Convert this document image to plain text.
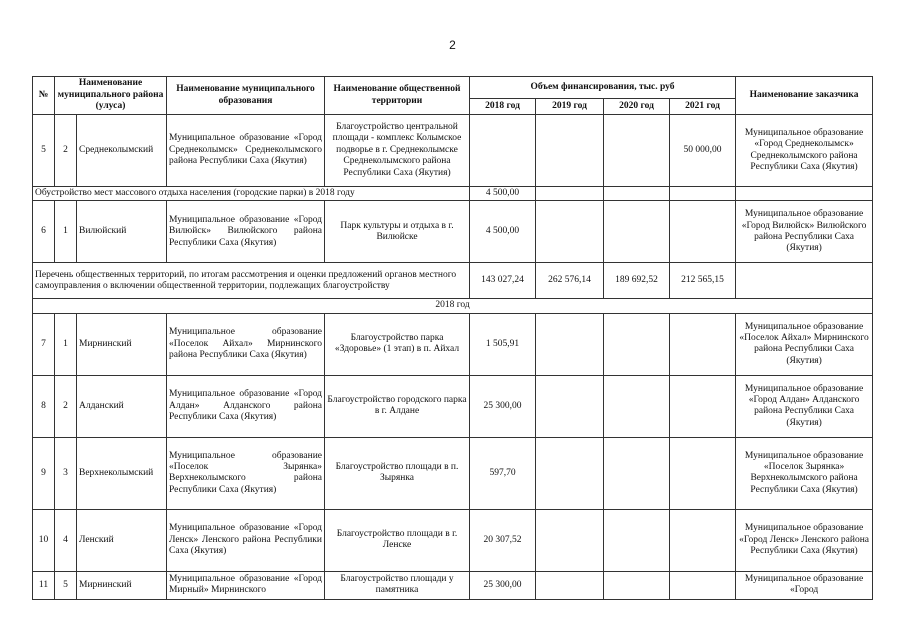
2
№	Наименование муниципального района (улуса)		Наименование муниципального образования	Наименование общественной территории	Объем финансирования, тыс. руб				Наименование заказчика
					2018 год	2019 год	2020 год	2021 год	
5	2	Среднеколымский	Муниципальное образование «Город Среднеколымск» Среднеколымского района Республики Саха (Якутия)	Благоустройство центральной площади - комплекс Колымское подворье в г. Среднеколымске Среднеколымского района Республики Саха (Якутия)				50 000,00	Муниципальное образование «Город Среднеколымск» Среднеколымского района Республики Саха (Якутия)
Обустройство мест массового отдыха населения (городские парки) в 2018 году					4 500,00				
6	1	Вилюйский	Муниципальное образование «Город Вилюйск» Вилюйского района Республики Саха (Якутия)	Парк культуры и отдыха в г. Вилюйске	4 500,00				Муниципальное образование «Город Вилюйск» Вилюйского района Республики Саха (Якутия)
Перечень общественных территорий, по итогам рассмотрения и оценки предложений органов местного самоуправления о включении общественной территории, подлежащих благоустройству					143 027,24	262 576,14	189 692,52	212 565,15	
2018 год									
7	1	Мирнинский	Муниципальное образование «Поселок Айхал» Мирнинского района Республики Саха (Якутия)	Благоустройство парка «Здоровье» (1 этап) в п. Айхал	1 505,91				Муниципальное образование «Поселок Айхал» Мирнинского района Республики Саха (Якутия)
8	2	Алданский	Муниципальное образование «Город Алдан» Алданского района Республики Саха (Якутия)	Благоустройство городского парка в г. Алдане	25 300,00				Муниципальное образование «Город Алдан» Алданского района Республики Саха (Якутия)
9	3	Верхнеколымский	Муниципальное образование «Поселок Зырянка» Верхнеколымского района Республики Саха (Якутия)	Благоустройство площади в п. Зырянка	597,70				Муниципальное образование «Поселок Зырянка» Верхнеколымского района Республики Саха (Якутия)
10	4	Ленский	Муниципальное образование «Город Ленск» Ленского района Республики Саха (Якутия)	Благоустройство площади в г. Ленске	20 307,52				Муниципальное образование «Город Ленск» Ленского района Республики Саха (Якутия)
11	5	Мирнинский	Муниципальное образование «Город Мирный» Мирнинского	Благоустройство площади у памятника	25 300,00				Муниципальное образование «Город
